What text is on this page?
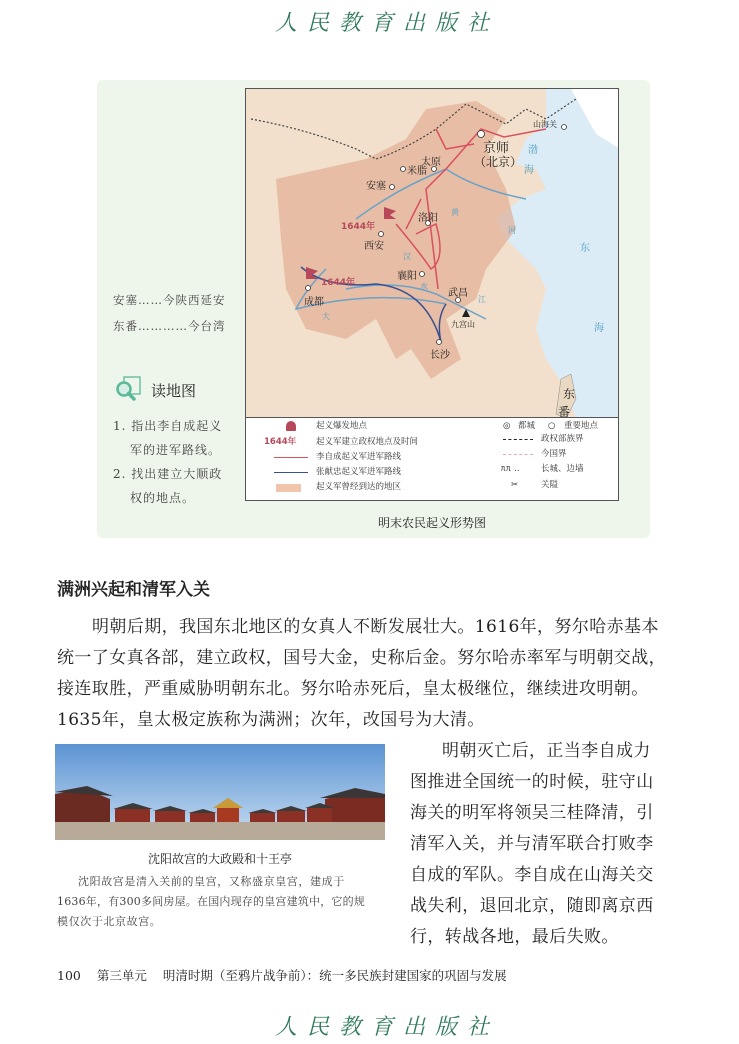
人民教育出版社
安塞……今陕西延安
东番…………今台湾
读地图
1. 指出李自成起义
军的进军路线。
2. 找出建立大顺政
权的地点。
山海关
京师
（北京）
太原
米脂
安塞
洛阳
1644年
西安
襄阳
1644年
成都
武昌
九宫山
长沙
渤
海
东
海
黄
河
汉
水
大
江
东
番
起义爆发地点
1644年 起义军建立政权地点及时间
李自成起义军进军路线
张献忠起义军进军路线
起义军曾经到达的地区
◎ 都城 ○ 重要地点
政权部族界
今国界
ᥰᥰ ‥	长城、边墙
✂	关隘
明末农民起义形势图
满洲兴起和清军入关
明朝后期，我国东北地区的女真人不断发展壮大。1616年，努尔哈赤基本
统一了女真各部，建立政权，国号大金，史称后金。努尔哈赤率军与明朝交战，
接连取胜，严重威胁明朝东北。努尔哈赤死后，皇太极继位，继续进攻明朝。
1635年，皇太极定族称为满洲；次年，改国号为大清。
沈阳故宫的大政殿和十王亭
沈阳故宫是清入关前的皇宫，又称盛京皇宫，建成于
1636年，有300多间房屋。在国内现存的皇宫建筑中，它的规
模仅次于北京故宫。
明朝灭亡后，正当李自成力
图推进全国统一的时候，驻守山
海关的明军将领吴三桂降清，引
清军入关，并与清军联合打败李
自成的军队。李自成在山海关交
战失利，退回北京，随即离京西
行，转战各地，最后失败。
100 第三单元 明清时期（至鸦片战争前）：统一多民族封建国家的巩固与发展
人民教育出版社
